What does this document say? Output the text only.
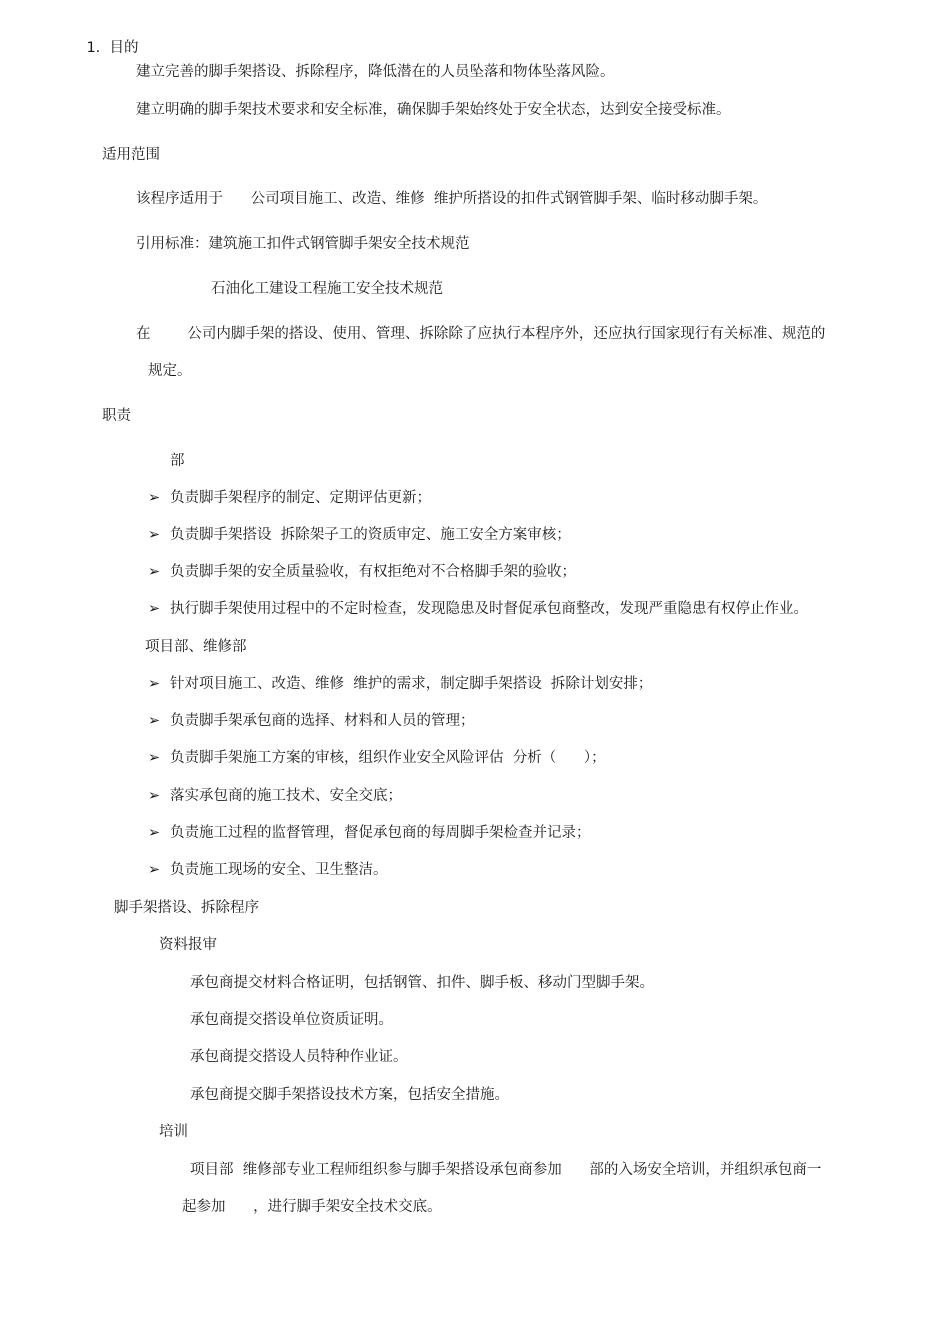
1. 目的

建立完善的脚手架搭设、拆除程序，降低潜在的人员坠落和物体坠落风险。
建立明确的脚手架技术要求和安全标准，确保脚手架始终处于安全状态，达到安全接受标准。
适用范围
该程序适用于      公司项目施工、改造、维修  维护所搭设的扣件式钢管脚手架、临时移动脚手架。
引用标准：建筑施工扣件式钢管脚手架安全技术规范
石油化工建设工程施工安全技术规范
在        公司内脚手架的搭设、使用、管理、拆除除了应执行本程序外，还应执行国家现行有关标准、规范的
规定。
职责
部
➢ 负责脚手架程序的制定、定期评估更新；
➢ 负责脚手架搭设  拆除架子工的资质审定、施工安全方案审核；
➢ 负责脚手架的安全质量验收，有权拒绝对不合格脚手架的验收；
➢ 执行脚手架使用过程中的不定时检查，发现隐患及时督促承包商整改，发现严重隐患有权停止作业。
项目部、维修部
➢ 针对项目施工、改造、维修  维护的需求，制定脚手架搭设  拆除计划安排；
➢ 负责脚手架承包商的选择、材料和人员的管理；
➢ 负责脚手架施工方案的审核，组织作业安全风险评估  分析（      ）；
➢ 落实承包商的施工技术、安全交底；
➢ 负责施工过程的监督管理，督促承包商的每周脚手架检查并记录；
➢ 负责施工现场的安全、卫生整洁。
脚手架搭设、拆除程序
资料报审
承包商提交材料合格证明，包括钢管、扣件、脚手板、移动门型脚手架。
承包商提交搭设单位资质证明。
承包商提交搭设人员特种作业证。
承包商提交脚手架搭设技术方案，包括安全措施。
培训
项目部  维修部专业工程师组织参与脚手架搭设承包商参加      部的入场安全培训，并组织承包商一
起参加      ，进行脚手架安全技术交底。
